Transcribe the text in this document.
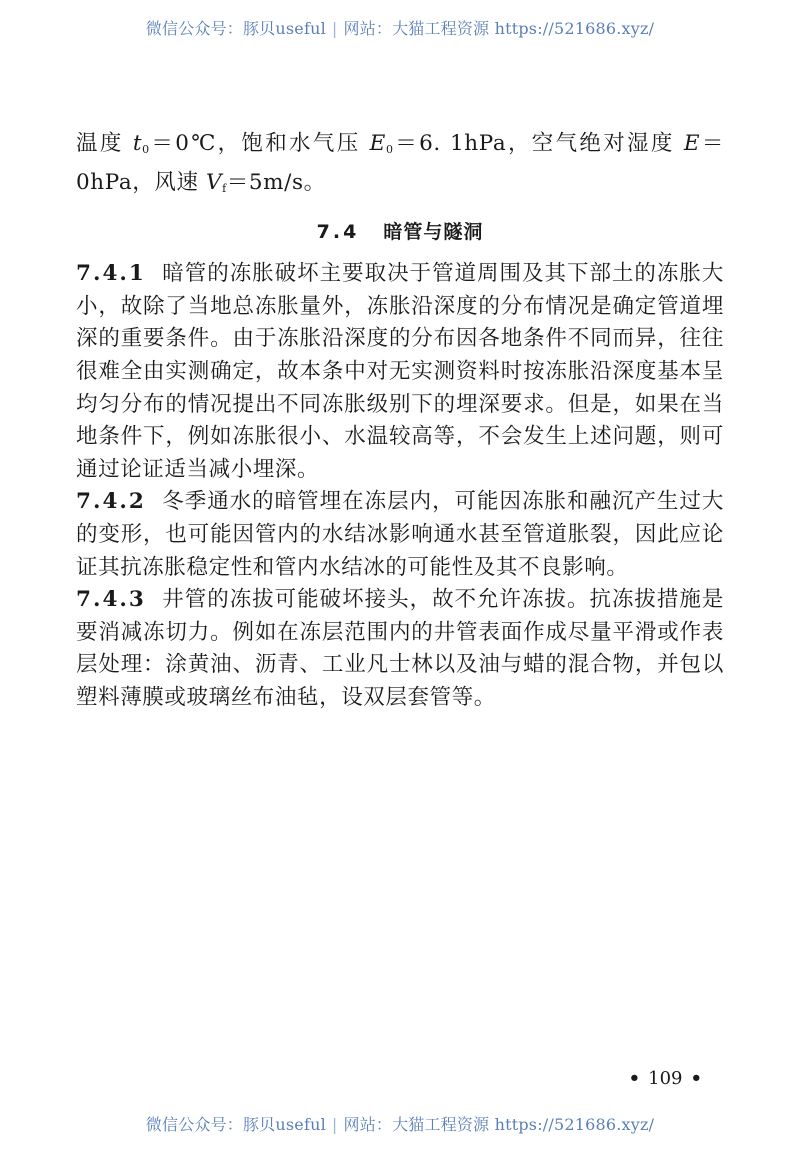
微信公众号：豚贝useful | 网站：大猫工程资源 https://521686.xyz/

温度 $t_0=0℃$，饱和水气压 $E_0=6$. 1hPa，空气绝对湿度 E＝0hPa，风速 $V_f=5m/s$。

7.4 暗管与隧洞

7.4.1 暗管的冻胀破坏主要取决于管道周围及其下部土的冻胀大小，故除了当地总冻胀量外，冻胀沿深度的分布情况是确定管道埋深的重要条件。由于冻胀沿深度的分布因各地条件不同而异，往往很难全由实测确定，故本条中对无实测资料时按冻胀沿深度基本呈均匀分布的情况提出不同冻胀级别下的埋深要求。但是，如果在当地条件下，例如冻胀很小、水温较高等，不会发生上述问题，则可通过论证适当减小埋深。

7.4.2 冬季通水的暗管埋在冻层内，可能因冻胀和融沉产生过大的变形，也可能因管内的水结冰影响通水甚至管道胀裂，因此应论证其抗冻胀稳定性和管内水结冰的可能性及其不良影响。

7.4.3 井管的冻拔可能破坏接头，故不允许冻拔。抗冻拔措施是要消减冻切力。例如在冻层范围内的井管表面作成尽量平滑或作表层处理：涂黄油、沥青、工业凡士林以及油与蜡的混合物，并包以塑料薄膜或玻璃丝布油毡，设双层套管等。

• 109 •
微信公众号：豚贝useful | 网站：大猫工程资源 https://521686.xyz/
